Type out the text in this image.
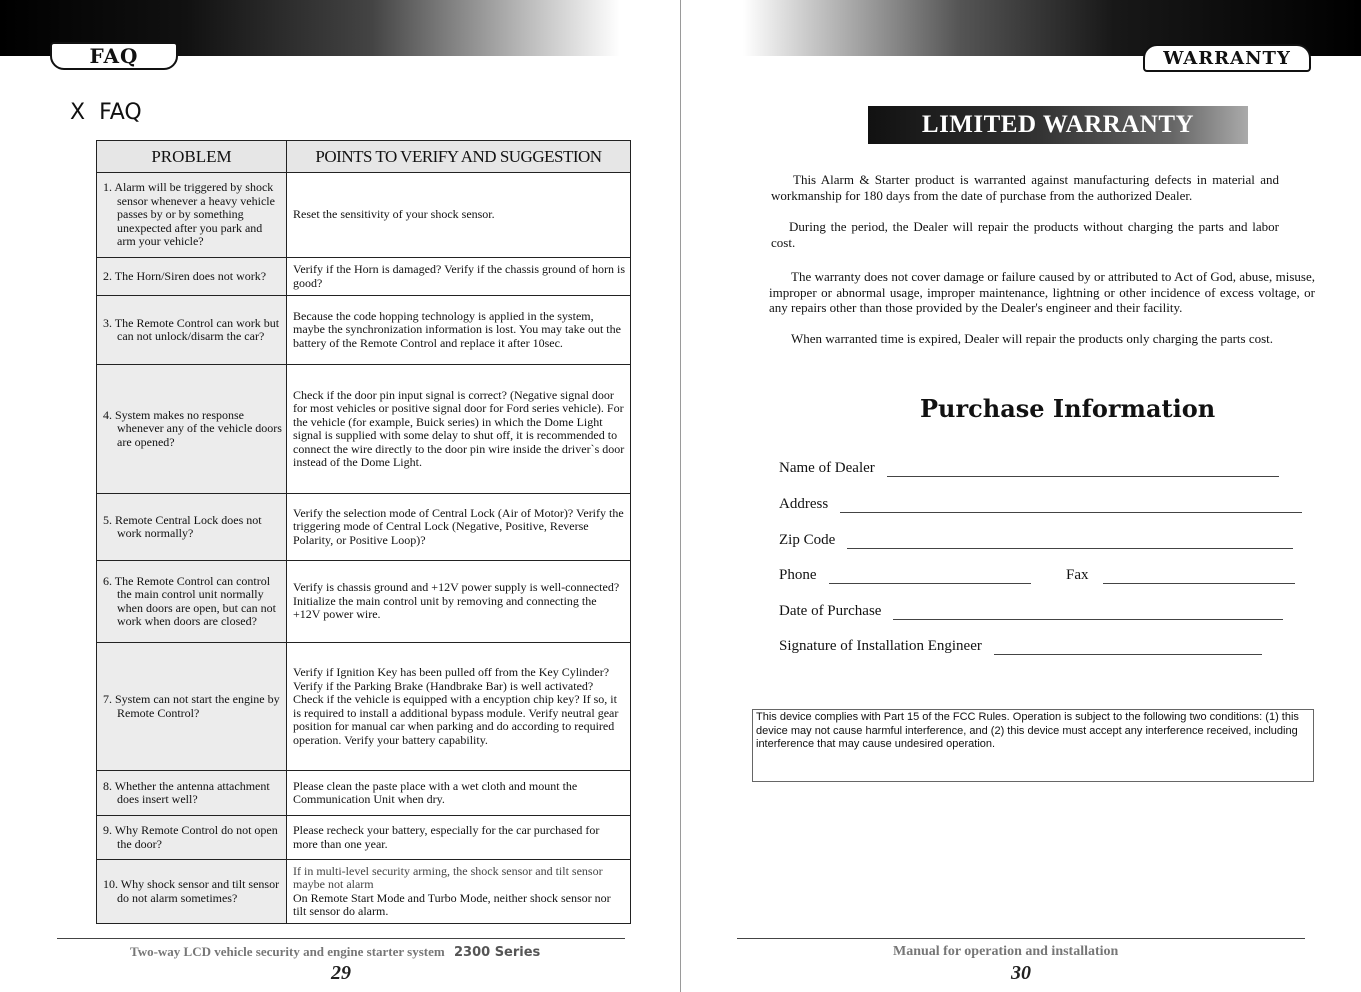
FAQ
X FAQ
PROBLEM	POINTS TO VERIFY AND SUGGESTION

1. Alarm will be triggered by shock sensor whenever a heavy vehicle passes by or by something unexpected after you park and arm your vehicle?	Reset the sensitivity of your shock sensor.

2. The Horn/Siren does not work?	Verify if the Horn is damaged? Verify if the chassis ground of horn is good?

3. The Remote Control can work but can not unlock/disarm the car?	Because the code hopping technology is applied in the system, maybe the synchronization information is lost. You may take out the battery of the Remote Control and replace it after 10sec.

4. System makes no response whenever any of the vehicle doors are opened?	Check if the door pin input signal is correct? (Negative signal door for most vehicles or positive signal door for Ford series vehicle). For the vehicle (for example, Buick series) in which the Dome Light signal is supplied with some delay to shut off, it is recommended to connect the wire directly to the door pin wire inside the driver`s door instead of the Dome Light.

5. Remote Central Lock does not work normally?	Verify the selection mode of Central Lock (Air of Motor)? Verify the triggering mode of Central Lock (Negative, Positive, Reverse Polarity, or Positive Loop)?

6. The Remote Control can control the main control unit normally when doors are open, but can not work when doors are closed?	Verify is chassis ground and +12V power supply is well-connected? Initialize the main control unit by removing and connecting the +12V power wire.

7. System can not start the engine by Remote Control?	Verify if Ignition Key has been pulled off from the Key Cylinder? Verify if the Parking Brake (Handbrake Bar) is well activated? Check if the vehicle is equipped with a encyption chip key? If so, it is required to install a additional bypass module. Verify neutral gear position for manual car when parking and do according to required operation. Verify your battery capability.

8. Whether the antenna attachment does insert well?	Please clean the paste place with a wet cloth and mount the Communication Unit when dry.

9. Why Remote Control do not open the door?	Please recheck your battery, especially for the car purchased for more than one year.

10. Why shock sensor and tilt sensor do not alarm sometimes?	If in multi-level security arming, the shock sensor and tilt sensor maybe not alarm
On Remote Start Mode and Turbo Mode, neither shock sensor nor tilt sensor do alarm.
Two-way LCD vehicle security and engine starter system 2300 Series
29
WARRANTY
LIMITED WARRANTY
This Alarm & Starter product is warranted against manufacturing defects in material and workmanship for 180 days from the date of purchase from the authorized Dealer.
During the period, the Dealer will repair the products without charging the parts and labor cost.
The warranty does not cover damage or failure caused by or attributed to Act of God, abuse, misuse, improper or abnormal usage, improper maintenance, lightning or other incidence of excess voltage, or any repairs other than those provided by the Dealer's engineer and their facility.
When warranted time is expired, Dealer will repair the products only charging the parts cost.
Purchase Information
Name of Dealer
Address
Zip Code
Phone	Fax
Date of Purchase
Signature of Installation Engineer
This device complies with Part 15 of the FCC Rules. Operation is subject to the following two conditions: (1) this device may not cause harmful interference, and (2) this device must accept any interference received, including interference that may cause undesired operation.
Manual for operation and installation
30
